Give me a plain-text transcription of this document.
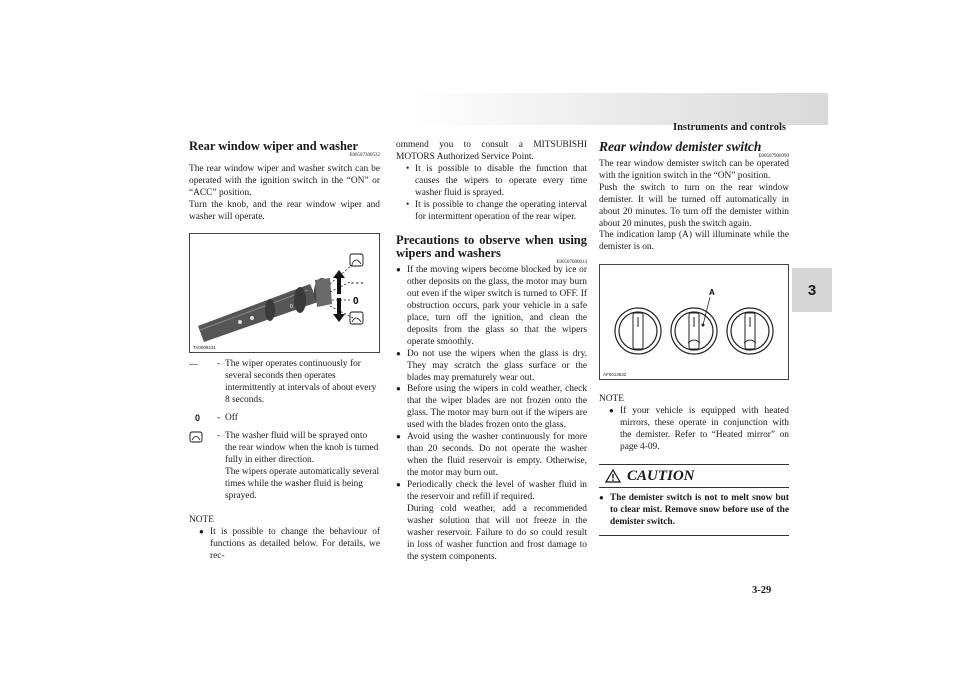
Instruments and controls
3
Rear window wiper and washer
E00507300532

The rear window wiper and washer switch can be operated with the ignition switch in the “ON” or “ACC” position.

Turn the knob, and the rear window wiper and washer will operate.

0
- - -
0
TA0009231
---	- The wiper operates continuously for several seconds then operates intermittently at intervals of about every 8 seconds.
0	- Off
- The washer fluid will be sprayed onto the rear window when the knob is turned fully in either direction.
The wipers operate automatically several times while the washer fluid is being sprayed.

NOTE

● It is possible to change the behaviour of functions as detailed below. For details, we rec-

ommend you to consult a MITSUBISHI MOTORS Authorized Service Point.

• It is possible to disable the function that causes the wipers to operate every time washer fluid is sprayed.
• It is possible to change the operating interval for intermittent operation of the rear wiper.
Precautions to observe when using wipers and washers
E00507600014
● If the moving wipers become blocked by ice or other deposits on the glass, the motor may burn out even if the wiper switch is turned to OFF. If obstruction occurs, park your vehicle in a safe place, turn off the ignition, and clean the deposits from the glass so that the wipers operate smoothly.
● Do not use the wipers when the glass is dry. They may scratch the glass surface or the blades may prematurely wear out.
● Before using the wipers in cold weather, check that the wiper blades are not frozen onto the glass. The motor may burn out if the wipers are used with the blades frozen onto the glass.
● Avoid using the washer continuously for more than 20 seconds. Do not operate the washer when the fluid reservoir is empty. Otherwise, the motor may burn out.
● Periodically check the level of washer fluid in the reservoir and refill if required.
During cold weather, add a recommended washer solution that will not freeze in the washer reservoir. Failure to do so could result in loss of washer function and frost damage to the system components.
Rear window demister switch
E00507900990

The rear window demister switch can be operated with the ignition switch in the “ON” position.

Push the switch to turn on the rear window demister. It will be turned off automatically in about 20 minutes. To turn off the demister within about 20 minutes, push the switch again.

The indication lamp (A) will illuminate while the demister is on.

A
AF0013632

NOTE

● If your vehicle is equipped with heated mirrors, these operate in conjunction with the demister. Refer to “Heated mirror” on page 4-09.
CAUTION
● The demister switch is not to melt snow but to clear mist. Remove snow before use of the demister switch.
3-29
